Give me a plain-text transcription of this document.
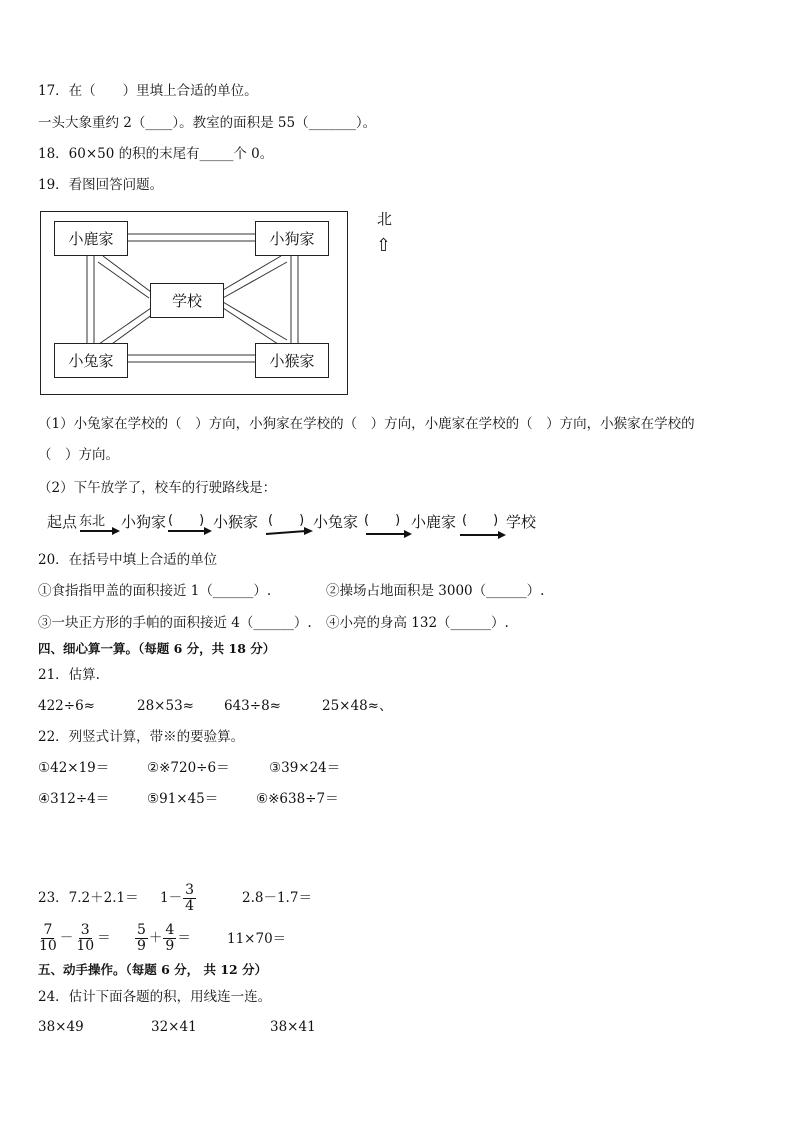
17．在（　　）里填上合适的单位。
一头大象重约 2（____）。教室的面积是 55（_______）。
18．60×50 的积的末尾有_____个 0。
19．看图回答问题。
小鹿家	小狗家
学校
小兔家	小猴家
北
⇧
（1）小兔家在学校的（　）方向，小狗家在学校的（　）方向，小鹿家在学校的（　）方向，小猴家在学校的
（　）方向。
（2）下午放学了，校车的行驶路线是：
起点 东北 小狗家 (　　) 小猴家 (　　) 小兔家 (　　) 小鹿家 (　　) 学校
20．在括号中填上合适的单位
①食指指甲盖的面积接近 1（______）.	②操场占地面积是 3000（______）.
③一块正方形的手帕的面积接近 4（______）. ④小亮的身高 132（______）.
四、细心算一算。（每题 6 分，共 18 分）
21．估算.
422÷6≈	28×53≈ 643÷8≈	25×48≈、
22．列竖式计算，带※的要验算。
①42×19＝	②※720÷6＝	③39×24＝
④312÷4＝	⑤91×45＝	⑥※638÷7＝
23．$7.2+2.1= 1- \frac{3}{4}$	2.8－1.7＝
$\frac{7}{10} - \frac{3}{10} = \frac{5}{9} + \frac{4}{9}$ ＝	11×70＝
五、动手操作。（每题 6 分， 共 12 分）
24．估计下面各题的积，用线连一连。
38×49	32×41	38×41
